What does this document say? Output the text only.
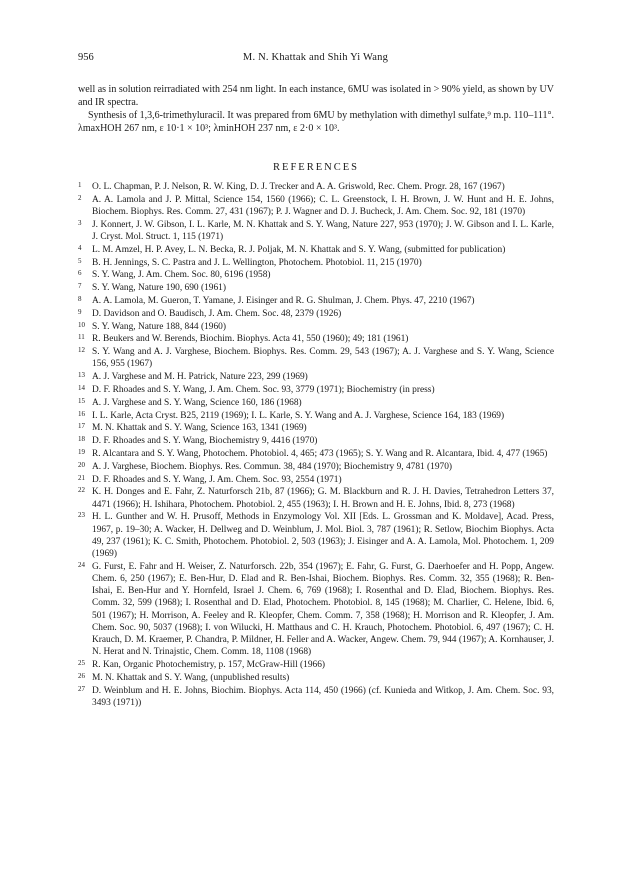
956	M. N. Khattak and Shih Yi Wang

well as in solution reirradiated with 254 nm light. In each instance, 6MU was isolated in > 90% yield, as shown by UV and IR spectra.

Synthesis of 1,3,6-trimethyluracil. It was prepared from 6MU by methylation with dimethyl sulfate,⁹ m.p. 110–111°. λmaxHOH 267 nm, ε 10·1 × 10³; λminHOH 237 nm, ε 2·0 × 10³.

REFERENCES
1 O. L. Chapman, P. J. Nelson, R. W. King, D. J. Trecker and A. A. Griswold, Rec. Chem. Progr. 28, 167 (1967)
2 A. A. Lamola and J. P. Mittal, Science 154, 1560 (1966); C. L. Greenstock, I. H. Brown, J. W. Hunt and H. E. Johns, Biochem. Biophys. Res. Comm. 27, 431 (1967); P. J. Wagner and D. J. Bucheck, J. Am. Chem. Soc. 92, 181 (1970)
3 J. Konnert, J. W. Gibson, I. L. Karle, M. N. Khattak and S. Y. Wang, Nature 227, 953 (1970); J. W. Gibson and I. L. Karle, J. Cryst. Mol. Struct. 1, 115 (1971)
4 L. M. Amzel, H. P. Avey, L. N. Becka, R. J. Poljak, M. N. Khattak and S. Y. Wang, (submitted for publication)
5 B. H. Jennings, S. C. Pastra and J. L. Wellington, Photochem. Photobiol. 11, 215 (1970)
6 S. Y. Wang, J. Am. Chem. Soc. 80, 6196 (1958)
7 S. Y. Wang, Nature 190, 690 (1961)
8 A. A. Lamola, M. Gueron, T. Yamane, J. Eisinger and R. G. Shulman, J. Chem. Phys. 47, 2210 (1967)
9 D. Davidson and O. Baudisch, J. Am. Chem. Soc. 48, 2379 (1926)
10 S. Y. Wang, Nature 188, 844 (1960)
11 R. Beukers and W. Berends, Biochim. Biophys. Acta 41, 550 (1960); 49; 181 (1961)
12 S. Y. Wang and A. J. Varghese, Biochem. Biophys. Res. Comm. 29, 543 (1967); A. J. Varghese and S. Y. Wang, Science 156, 955 (1967)
13 A. J. Varghese and M. H. Patrick, Nature 223, 299 (1969)
14 D. F. Rhoades and S. Y. Wang, J. Am. Chem. Soc. 93, 3779 (1971); Biochemistry (in press)
15 A. J. Varghese and S. Y. Wang, Science 160, 186 (1968)
16 I. L. Karle, Acta Cryst. B25, 2119 (1969); I. L. Karle, S. Y. Wang and A. J. Varghese, Science 164, 183 (1969)
17 M. N. Khattak and S. Y. Wang, Science 163, 1341 (1969)
18 D. F. Rhoades and S. Y. Wang, Biochemistry 9, 4416 (1970)
19 R. Alcantara and S. Y. Wang, Photochem. Photobiol. 4, 465; 473 (1965); S. Y. Wang and R. Alcantara, Ibid. 4, 477 (1965)
20 A. J. Varghese, Biochem. Biophys. Res. Commun. 38, 484 (1970); Biochemistry 9, 4781 (1970)
21 D. F. Rhoades and S. Y. Wang, J. Am. Chem. Soc. 93, 2554 (1971)
22 K. H. Donges and E. Fahr, Z. Naturforsch 21b, 87 (1966); G. M. Blackburn and R. J. H. Davies, Tetrahedron Letters 37, 4471 (1966); H. Ishihara, Photochem. Photobiol. 2, 455 (1963); I. H. Brown and H. E. Johns, Ibid. 8, 273 (1968)
23 H. L. Gunther and W. H. Prusoff, Methods in Enzymology Vol. XII [Eds. L. Grossman and K. Moldave], Acad. Press, 1967, p. 19–30; A. Wacker, H. Dellweg and D. Weinblum, J. Mol. Biol. 3, 787 (1961); R. Setlow, Biochim Biophys. Acta 49, 237 (1961); K. C. Smith, Photochem. Photobiol. 2, 503 (1963); J. Eisinger and A. A. Lamola, Mol. Photochem. 1, 209 (1969)
24 G. Furst, E. Fahr and H. Weiser, Z. Naturforsch. 22b, 354 (1967); E. Fahr, G. Furst, G. Daerhoefer and H. Popp, Angew. Chem. 6, 250 (1967); E. Ben-Hur, D. Elad and R. Ben-Ishai, Biochem. Biophys. Res. Comm. 32, 355 (1968); R. Ben-Ishai, E. Ben-Hur and Y. Hornfeld, Israel J. Chem. 6, 769 (1968); I. Rosenthal and D. Elad, Biochem. Biophys. Res. Comm. 32, 599 (1968); I. Rosenthal and D. Elad, Photochem. Photobiol. 8, 145 (1968); M. Charlier, C. Helene, Ibid. 6, 501 (1967); H. Morrison, A. Feeley and R. Kleopfer, Chem. Comm. 7, 358 (1968); H. Morrison and R. Kleopfer, J. Am. Chem. Soc. 90, 5037 (1968); I. von Wilucki, H. Matthaus and C. H. Krauch, Photochem. Photobiol. 6, 497 (1967); C. H. Krauch, D. M. Kraemer, P. Chandra, P. Mildner, H. Feller and A. Wacker, Angew. Chem. 79, 944 (1967); A. Kornhauser, J. N. Herat and N. Trinajstic, Chem. Comm. 18, 1108 (1968)
25 R. Kan, Organic Photochemistry, p. 157, McGraw-Hill (1966)
26 M. N. Khattak and S. Y. Wang, (unpublished results)
27 D. Weinblum and H. E. Johns, Biochim. Biophys. Acta 114, 450 (1966) (cf. Kunieda and Witkop, J. Am. Chem. Soc. 93, 3493 (1971))
